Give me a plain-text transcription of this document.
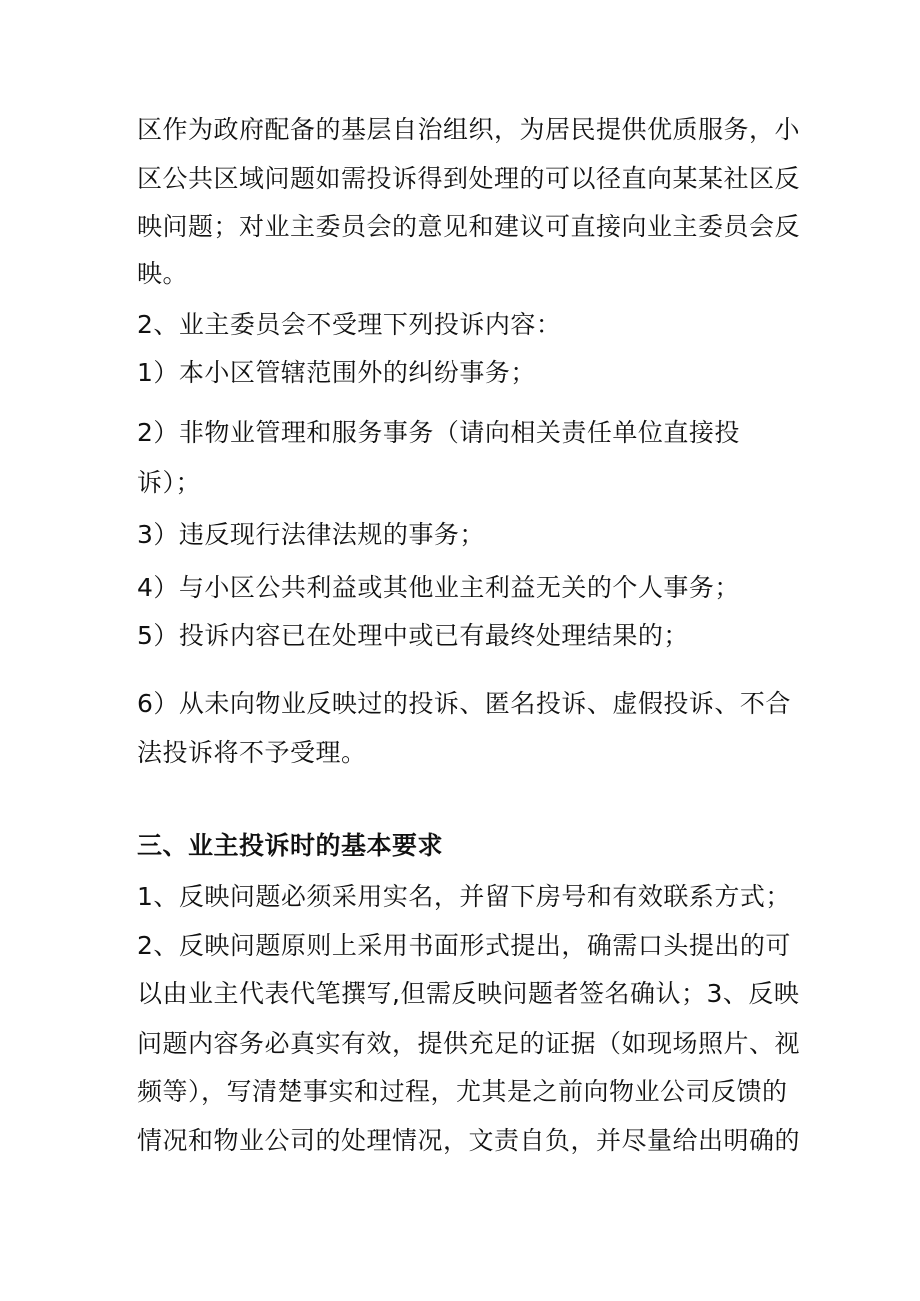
区作为政府配备的基层自治组织，为居民提供优质服务，小
区公共区域问题如需投诉得到处理的可以径直向某某社区反
映问题；对业主委员会的意见和建议可直接向业主委员会反
映。
2、业主委员会不受理下列投诉内容：
1）本小区管辖范围外的纠纷事务；
2）非物业管理和服务事务（请向相关责任单位直接投
诉）；
3）违反现行法律法规的事务；
4）与小区公共利益或其他业主利益无关的个人事务；
5）投诉内容已在处理中或已有最终处理结果的；
6）从未向物业反映过的投诉、匿名投诉、虚假投诉、不合
法投诉将不予受理。
三、业主投诉时的基本要求
1、反映问题必须采用实名，并留下房号和有效联系方式；
2、反映问题原则上采用书面形式提出，确需口头提出的可
以由业主代表代笔撰写,但需反映问题者签名确认；3、反映
问题内容务必真实有效，提供充足的证据（如现场照片、视
频等），写清楚事实和过程，尤其是之前向物业公司反馈的
情况和物业公司的处理情况，文责自负，并尽量给出明确的
